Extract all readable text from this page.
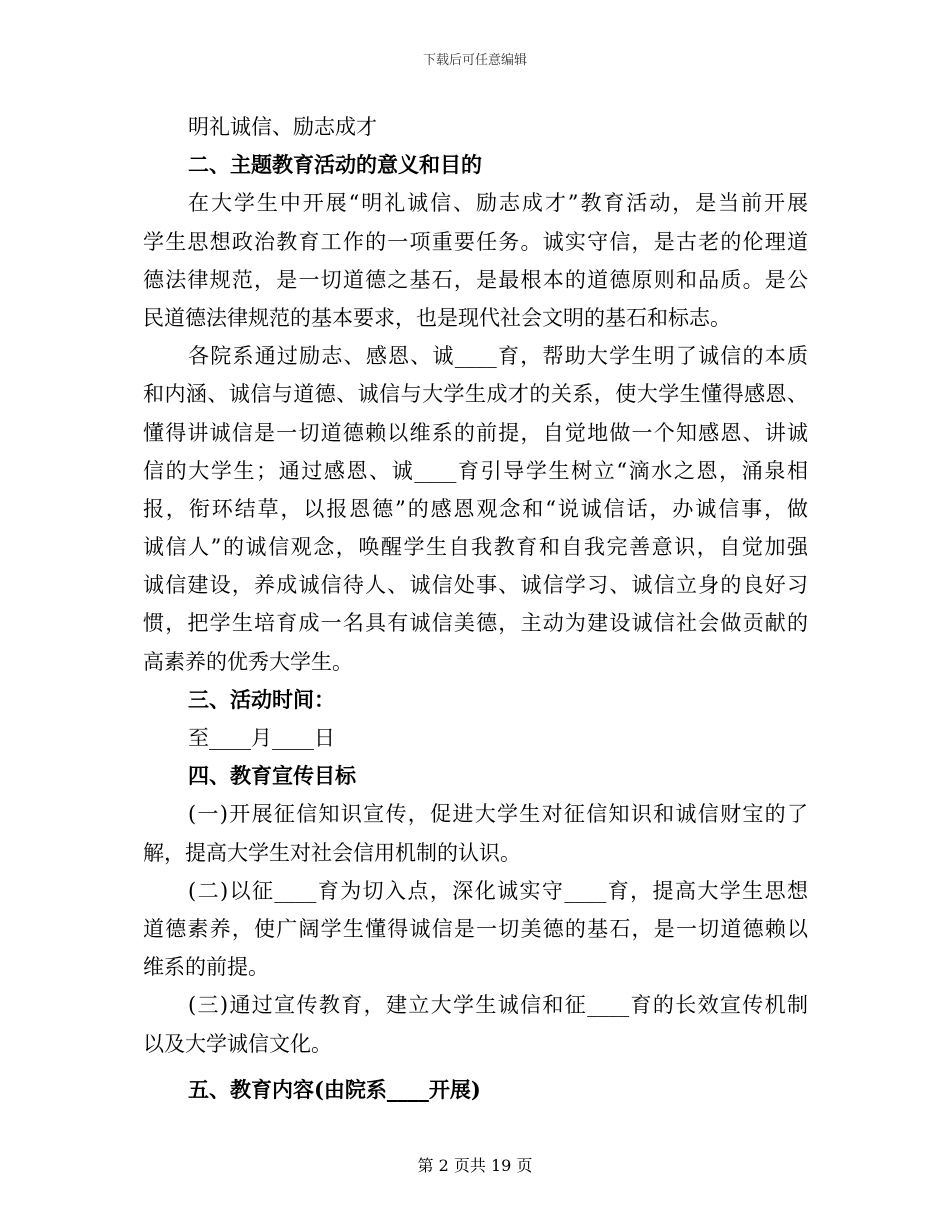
下载后可任意编辑
明礼诚信、励志成才
二、主题教育活动的意义和目的
在大学生中开展“明礼诚信、励志成才”教育活动，是当前开展
学生思想政治教育工作的一项重要任务。诚实守信，是古老的伦理道
德法律规范，是一切道德之基石，是最根本的道德原则和品质。是公
民道德法律规范的基本要求，也是现代社会文明的基石和标志。
各院系通过励志、感恩、诚____育，帮助大学生明了诚信的本质
和内涵、诚信与道德、诚信与大学生成才的关系，使大学生懂得感恩、
懂得讲诚信是一切道德赖以维系的前提，自觉地做一个知感恩、讲诚
信的大学生；通过感恩、诚____育引导学生树立“滴水之恩，涌泉相
报，衔环结草，以报恩德”的感恩观念和“说诚信话，办诚信事，做
诚信人”的诚信观念，唤醒学生自我教育和自我完善意识，自觉加强
诚信建设，养成诚信待人、诚信处事、诚信学习、诚信立身的良好习
惯，把学生培育成一名具有诚信美德，主动为建设诚信社会做贡献的
高素养的优秀大学生。
三、活动时间：
至____月____日
四、教育宣传目标
(一)开展征信知识宣传，促进大学生对征信知识和诚信财宝的了
解，提高大学生对社会信用机制的认识。
(二)以征____育为切入点，深化诚实守____育，提高大学生思想
道德素养，使广阔学生懂得诚信是一切美德的基石，是一切道德赖以
维系的前提。
(三)通过宣传教育，建立大学生诚信和征____育的长效宣传机制
以及大学诚信文化。
五、教育内容(由院系____开展)
第 2 页共 19 页
